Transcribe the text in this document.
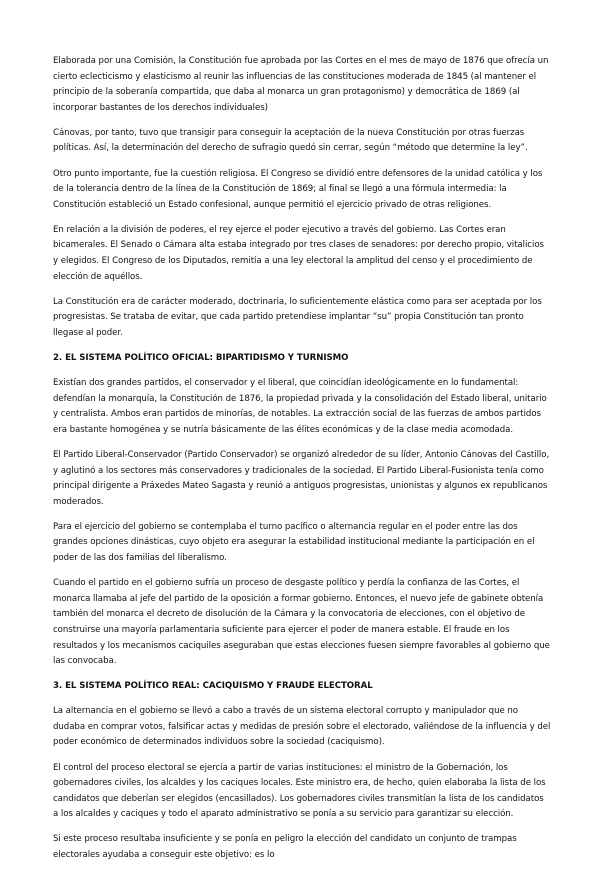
Elaborada por una Comisión, la Constitución fue aprobada por las Cortes en el mes de mayo de 1876 que ofrecía un cierto eclecticismo y elasticismo al reunir las influencias de las constituciones moderada de 1845 (al mantener el principio de la soberanía compartida, que daba al monarca un gran protagonismo) y democrática de 1869 (al incorporar bastantes de los derechos individuales)

Cánovas, por tanto, tuvo que transigir para conseguir la aceptación de la nueva Constitución por otras fuerzas políticas. Así, la determinación del derecho de sufragio quedó sin cerrar, según “método que determine la ley”.

Otro punto importante, fue la cuestión religiosa. El Congreso se dividió entre defensores de la unidad católica y los de la tolerancia dentro de la línea de la Constitución de 1869; al final se llegó a una fórmula intermedia: la Constitución estableció un Estado confesional, aunque permitió el ejercicio privado de otras religiones.

En relación a la división de poderes, el rey ejerce el poder ejecutivo a través del gobierno. Las Cortes eran bicamerales. El Senado o Cámara alta estaba integrado por tres clases de senadores: por derecho propio, vitalicios y elegidos. El Congreso de los Diputados, remitía a una ley electoral la amplitud del censo y el procedimiento de elección de aquéllos.

La Constitución era de carácter moderado, doctrinaria, lo suficientemente elástica como para ser aceptada por los progresistas. Se trataba de evitar, que cada partido pretendiese implantar “su” propia Constitución tan pronto llegase al poder.

2. EL SISTEMA POLÍTICO OFICIAL: BIPARTIDISMO Y TURNISMO

Existían dos grandes partidos, el conservador y el liberal, que coincidían ideológicamente en lo fundamental: defendían la monarquía, la Constitución de 1876, la propiedad privada y la consolidación del Estado liberal, unitario y centralista. Ambos eran partidos de minorías, de notables. La extracción social de las fuerzas de ambos partidos era bastante homogénea y se nutría básicamente de las élites económicas y de la clase media acomodada.

El Partido Liberal-Conservador (Partido Conservador) se organizó alrededor de su líder, Antonio Cánovas del Castillo, y aglutinó a los sectores más conservadores y tradicionales de la sociedad. El Partido Liberal-Fusionista tenía como principal dirigente a Práxedes Mateo Sagasta y reunió a antiguos progresistas, unionistas y algunos ex republicanos moderados.

Para el ejercicio del gobierno se contemplaba el turno pacífico o alternancia regular en el poder entre las dos grandes opciones dinásticas, cuyo objeto era asegurar la estabilidad institucional mediante la participación en el poder de las dos familias del liberalismo.

Cuando el partido en el gobierno sufría un proceso de desgaste político y perdía la confianza de las Cortes, el monarca llamaba al jefe del partido de la oposición a formar gobierno. Entonces, el nuevo jefe de gabinete obtenía también del monarca el decreto de disolución de la Cámara y la convocatoria de elecciones, con el objetivo de construirse una mayoría parlamentaria suficiente para ejercer el poder de manera estable. El fraude en los resultados y los mecanismos caciquiles aseguraban que estas elecciones fuesen siempre favorables al gobierno que las convocaba.

3. EL SISTEMA POLÍTICO REAL: CACIQUISMO Y FRAUDE ELECTORAL

La alternancia en el gobierno se llevó a cabo a través de un sistema electoral corrupto y manipulador que no dudaba en comprar votos, falsificar actas y medidas de presión sobre el electorado, valiéndose de la influencia y del poder económico de determinados individuos sobre la sociedad (caciquismo).

El control del proceso electoral se ejercía a partir de varias instituciones: el ministro de la Gobernación, los gobernadores civiles, los alcaldes y los caciques locales. Este ministro era, de hecho, quien elaboraba la lista de los candidatos que deberían ser elegidos (encasillados). Los gobernadores civiles transmitían la lista de los candidatos a los alcaldes y caciques y todo el aparato administrativo se ponía a su servicio para garantizar su elección.

Si este proceso resultaba insuficiente y se ponía en peligro la elección del candidato un conjunto de trampas electorales ayudaba a conseguir este objetivo: es lo
